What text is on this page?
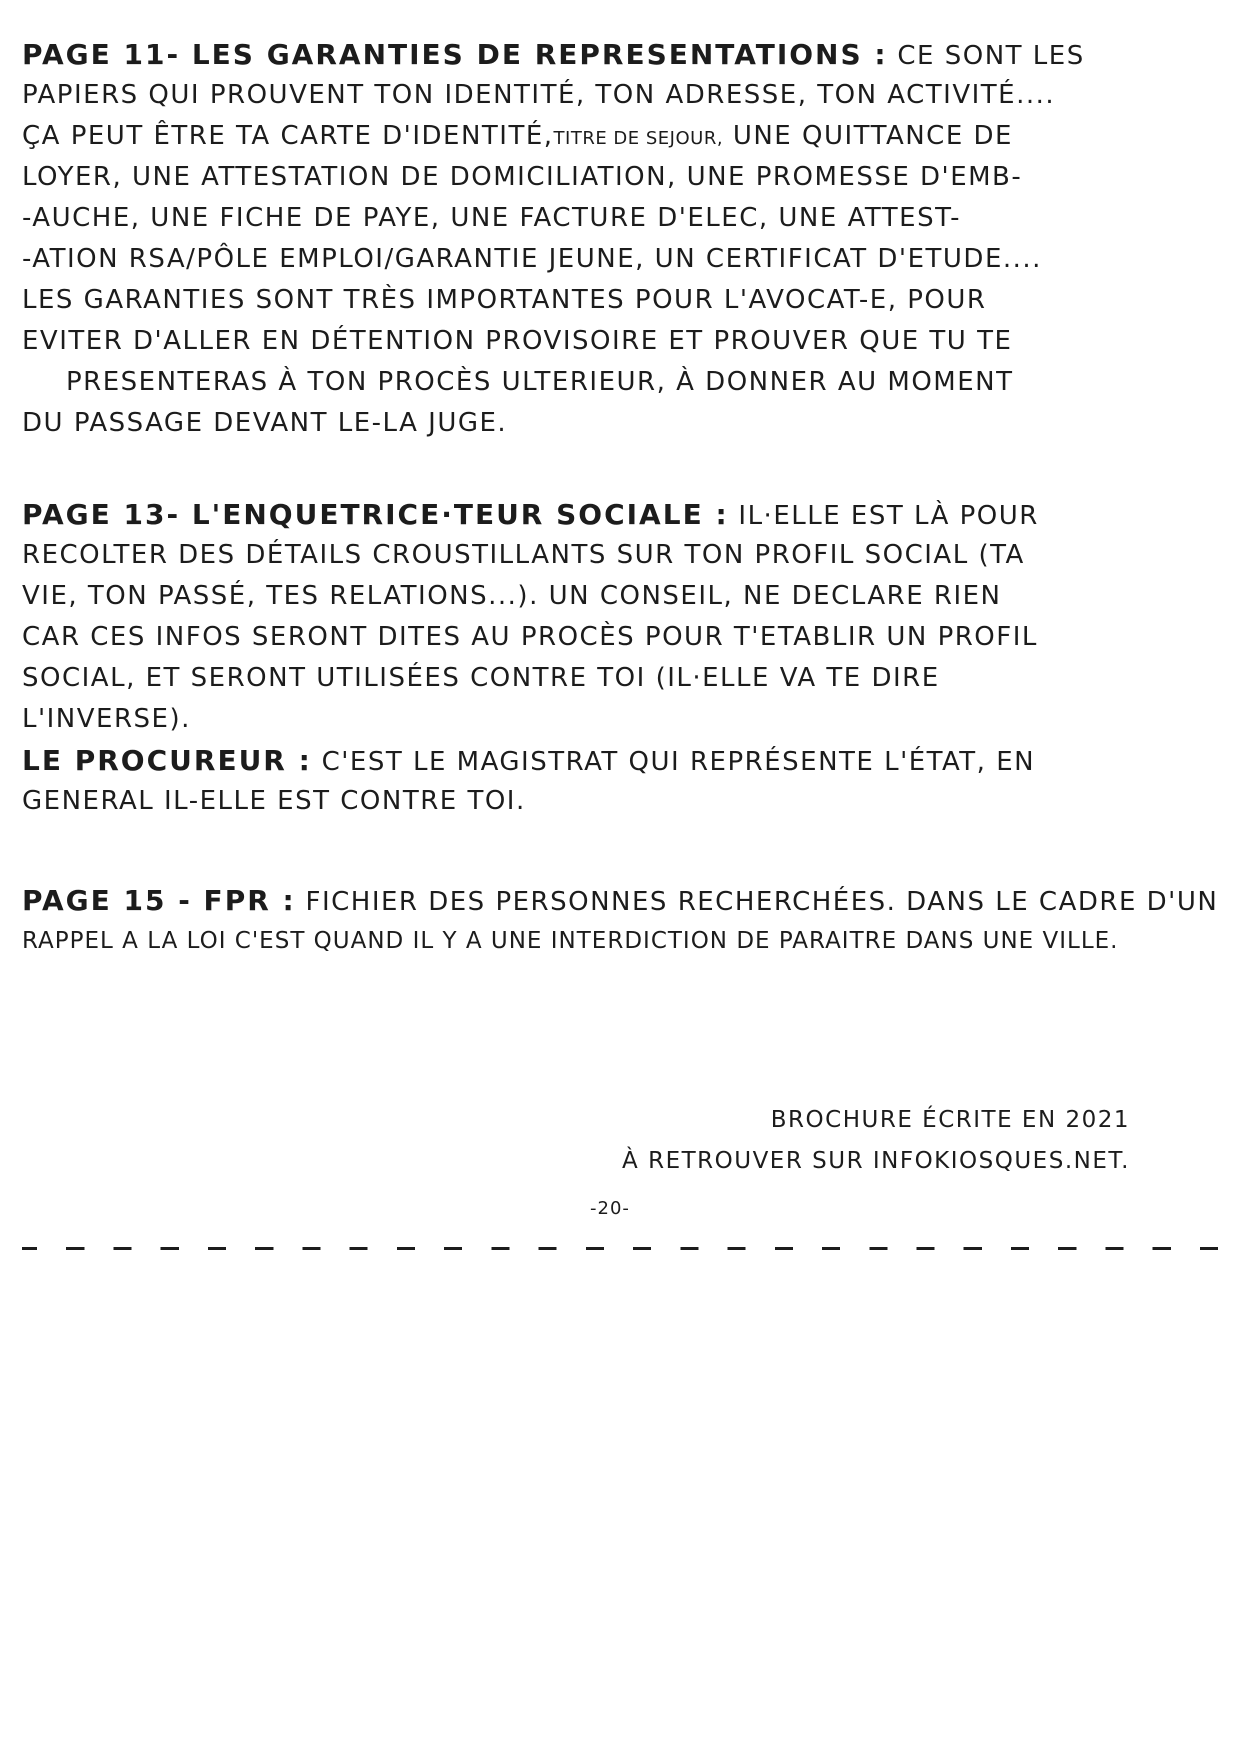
PAGE 11- LES GARANTIES DE REPRESENTATIONS : CE SONT LES
PAPIERS QUI PROUVENT TON IDENTITÉ, TON ADRESSE, TON ACTIVITÉ....
ÇA PEUT ÊTRE TA CARTE D'IDENTITÉ,TITRE DE SEJOUR, UNE QUITTANCE DE
LOYER, UNE ATTESTATION DE DOMICILIATION, UNE PROMESSE D'EMB-
-AUCHE, UNE FICHE DE PAYE, UNE FACTURE D'ELEC, UNE ATTEST-
-ATION RSA/PÔLE EMPLOI/GARANTIE JEUNE, UN CERTIFICAT D'ETUDE....
LES GARANTIES SONT TRÈS IMPORTANTES POUR L'AVOCAT-E, POUR
EVITER D'ALLER EN DÉTENTION PROVISOIRE ET PROUVER QUE TU TE
PRESENTERAS À TON PROCÈS ULTERIEUR, À DONNER AU MOMENT
DU PASSAGE DEVANT LE-LA JUGE.
PAGE 13- L'ENQUETRICE·TEUR SOCIALE : IL·ELLE EST LÀ POUR
RECOLTER DES DÉTAILS CROUSTILLANTS SUR TON PROFIL SOCIAL (TA
VIE, TON PASSÉ, TES RELATIONS...). UN CONSEIL, NE DECLARE RIEN
CAR CES INFOS SERONT DITES AU PROCÈS POUR T'ETABLIR UN PROFIL
SOCIAL, ET SERONT UTILISÉES CONTRE TOI (IL·ELLE VA TE DIRE
L'INVERSE).
LE PROCUREUR : C'EST LE MAGISTRAT QUI REPRÉSENTE L'ÉTAT, EN
GENERAL IL-ELLE EST CONTRE TOI.
PAGE 15 - FPR : FICHIER DES PERSONNES RECHERCHÉES. DANS LE CADRE D'UN
RAPPEL A LA LOI C'EST QUAND IL Y A UNE INTERDICTION DE PARAITRE DANS UNE VILLE.
BROCHURE ÉCRITE EN 2021
À RETROUVER SUR INFOKIOSQUES.NET.
-20-
